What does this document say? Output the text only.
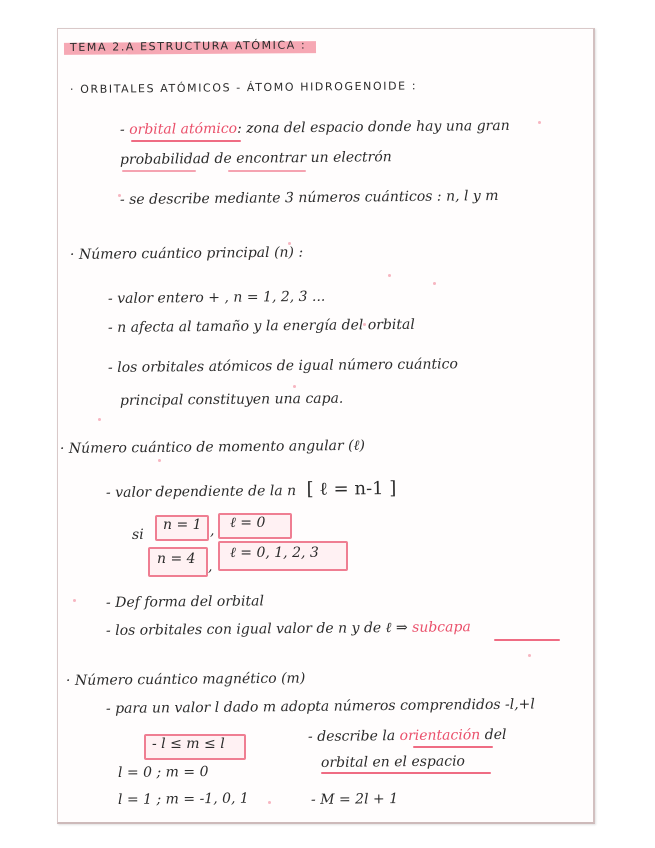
TEMA 2.A ESTRUCTURA ATÓMICA :
· ORBITALES ATÓMICOS - ÁTOMO HIDROGENOIDE :
- orbital atómico: zona del espacio donde hay una gran
probabilidad de encontrar un electrón
- se describe mediante 3 números cuánticos : n, l y m
· Número cuántico principal (n) :
- valor entero + , n = 1, 2, 3 ...
- n afecta al tamaño y la energía del orbital
- los orbitales atómicos de igual número cuántico
principal constituyen una capa.
· Número cuántico de momento angular (ℓ)
- valor dependiente de la n [ ℓ = n-1 ]
si
n = 1 , ℓ = 0
n = 4 ,
ℓ = 0, 1, 2, 3
- Def forma del orbital
- los orbitales con igual valor de n y de ℓ ⇒ subcapa
· Número cuántico magnético (m)
- para un valor l dado m adopta números comprendidos -l,+l
- l ≤ m ≤ l	- describe la orientación del
orbital en el espacio
l = 0 ; m = 0
l = 1 ; m = -1, 0, 1	- M = 2l + 1
